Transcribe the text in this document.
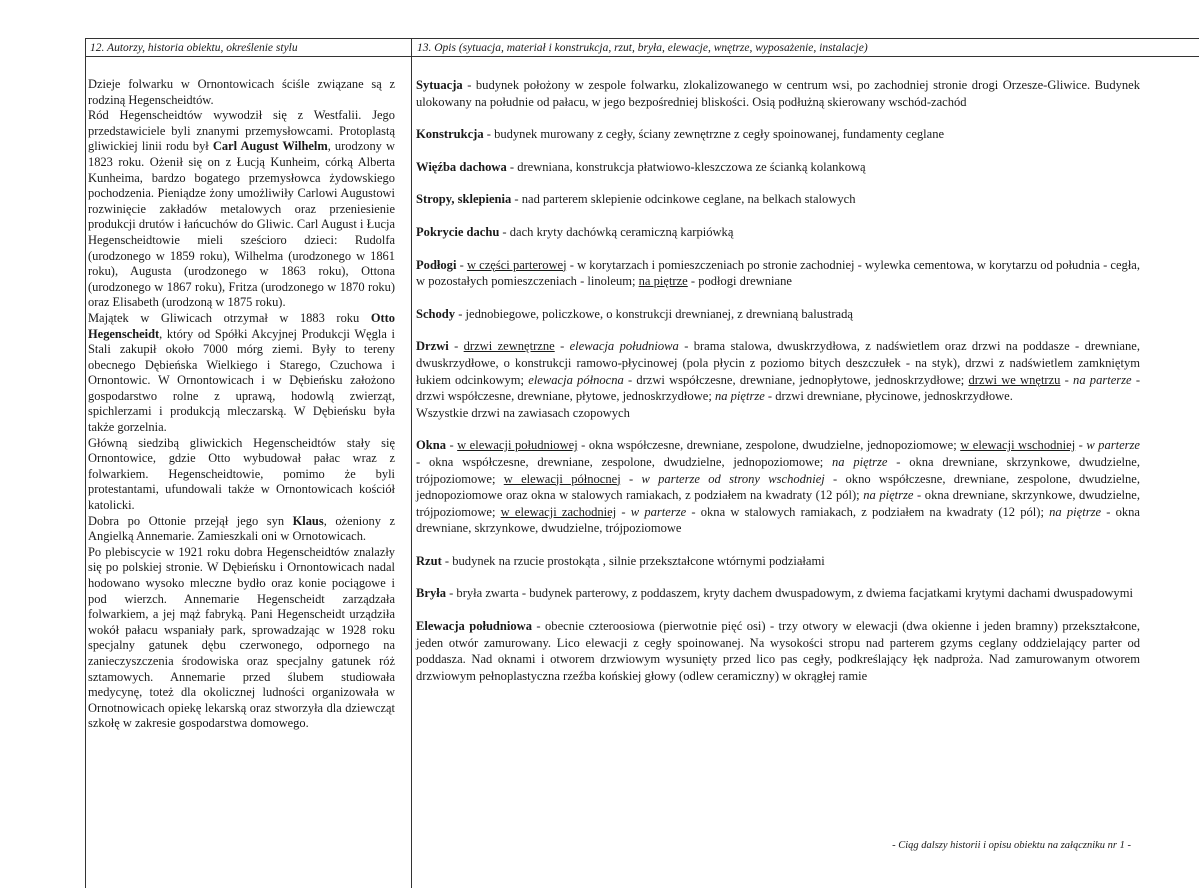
12. Autorzy, historia obiektu, określenie stylu	13. Opis (sytuacja, materiał i konstrukcja, rzut, bryła, elewacje, wnętrze, wyposażenie, instalacje)

Dzieje folwarku w Ornontowicach ściśle związane są z rodziną Hegenscheidtów.

Ród Hegenscheidtów wywodził się z Westfalii. Jego przedstawiciele byli znanymi przemysłowcami. Protoplastą gliwickiej linii rodu był Carl August Wilhelm, urodzony w 1823 roku. Ożenił się on z Łucją Kunheim, córką Alberta Kunheima, bardzo bogatego przemysłowca żydowskiego pochodzenia. Pieniądze żony umożliwiły Carlowi Augustowi rozwinięcie zakładów metalowych oraz przeniesienie produkcji drutów i łańcuchów do Gliwic. Carl August i Łucja Hegenscheidtowie mieli sześcioro dzieci: Rudolfa (urodzonego w 1859 roku), Wilhelma (urodzonego w 1861 roku), Augusta (urodzonego w 1863 roku), Ottona (urodzonego w 1867 roku), Fritza (urodzonego w 1870 roku) oraz Elisabeth (urodzoną w 1875 roku).

Majątek w Gliwicach otrzymał w 1883 roku Otto Hegenscheidt, który od Spółki Akcyjnej Produkcji Węgla i Stali zakupił około 7000 mórg ziemi. Były to tereny obecnego Dębieńska Wielkiego i Starego, Czuchowa i Ornontowic. W Ornontowicach i w Dębieńsku założono gospodarstwo rolne z uprawą, hodowlą zwierząt, spichlerzami i produkcją mleczarską. W Dębieńsku była także gorzelnia.

Główną siedzibą gliwickich Hegenscheidtów stały się Ornontowice, gdzie Otto wybudował pałac wraz z folwarkiem. Hegenscheidtowie, pomimo że byli protestantami, ufundowali także w Ornontowicach kościół katolicki.

Dobra po Ottonie przejął jego syn Klaus, ożeniony z Angielką Annemarie. Zamieszkali oni w Ornotowicach.

Po plebiscycie w 1921 roku dobra Hegenscheidtów znalazły się po polskiej stronie. W Dębieńsku i Ornontowicach nadal hodowano wysoko mleczne bydło oraz konie pociągowe i pod wierzch. Annemarie Hegenscheidt zarządzała folwarkiem, a jej mąż fabryką. Pani Hegenscheidt urządziła wokół pałacu wspaniały park, sprowadzając w 1928 roku specjalny gatunek dębu czerwonego, odpornego na zanieczyszczenia środowiska oraz specjalny gatunek róż sztamowych. Annemarie przed ślubem studiowała medycynę, toteż dla okolicznej ludności organizowała w Ornotnowicach opiekę lekarską oraz stworzyła dla dziewcząt szkołę w zakresie gospodarstwa domowego.

Sytuacja - budynek położony w zespole folwarku, zlokalizowanego w centrum wsi, po zachodniej stronie drogi Orzesze-Gliwice. Budynek ulokowany na południe od pałacu, w jego bezpośredniej bliskości. Osią podłużną skierowany wschód-zachód

Konstrukcja - budynek murowany z cegły, ściany zewnętrzne z cegły spoinowanej, fundamenty ceglane

Więźba dachowa - drewniana, konstrukcja płatwiowo-kleszczowa ze ścianką kolankową

Stropy, sklepienia - nad parterem sklepienie odcinkowe ceglane, na belkach stalowych

Pokrycie dachu - dach kryty dachówką ceramiczną karpiówką

Podłogi - w części parterowej - w korytarzach i pomieszczeniach po stronie zachodniej - wylewka cementowa, w korytarzu od południa - cegła, w pozostałych pomieszczeniach - linoleum; na piętrze - podłogi drewniane

Schody - jednobiegowe, policzkowe, o konstrukcji drewnianej, z drewnianą balustradą

Drzwi - drzwi zewnętrzne - elewacja południowa - brama stalowa, dwuskrzydłowa, z nadświetlem oraz drzwi na poddasze - drewniane, dwuskrzydłowe, o konstrukcji ramowo-płycinowej (pola płycin z poziomo bitych deszczułek - na styk), drzwi z nadświetlem zamkniętym łukiem odcinkowym; elewacja północna - drzwi współczesne, drewniane, jednopłytowe, jednoskrzydłowe; drzwi we wnętrzu - na parterze - drzwi współczesne, drewniane, płytowe, jednoskrzydłowe; na piętrze - drzwi drewniane, płycinowe, jednoskrzydłowe.
Wszystkie drzwi na zawiasach czopowych

Okna - w elewacji południowej - okna współczesne, drewniane, zespolone, dwudzielne, jednopoziomowe; w elewacji wschodniej - w parterze - okna współczesne, drewniane, zespolone, dwudzielne, jednopoziomowe; na piętrze - okna drewniane, skrzynkowe, dwudzielne, trójpoziomowe; w elewacji północnej - w parterze od strony wschodniej - okno współczesne, drewniane, zespolone, dwudzielne, jednopoziomowe oraz okna w stalowych ramiakach, z podziałem na kwadraty (12 pól); na piętrze - okna drewniane, skrzynkowe, dwudzielne, trójpoziomowe; w elewacji zachodniej - w parterze - okna w stalowych ramiakach, z podziałem na kwadraty (12 pól); na piętrze - okna drewniane, skrzynkowe, dwudzielne, trójpoziomowe

Rzut - budynek na rzucie prostokąta , silnie przekształcone wtórnymi podziałami

Bryła - bryła zwarta - budynek parterowy, z poddaszem, kryty dachem dwuspadowym, z dwiema facjatkami krytymi dachami dwuspadowymi

Elewacja południowa - obecnie czteroosiowa (pierwotnie pięć osi) - trzy otwory w elewacji (dwa okienne i jeden bramny) przekształcone, jeden otwór zamurowany. Lico elewacji z cegły spoinowanej. Na wysokości stropu nad parterem gzyms ceglany oddzielający parter od poddasza. Nad oknami i otworem drzwiowym wysunięty przed lico pas cegły, podkreślający łęk nadproża. Nad zamurowanym otworem drzwiowym pełnoplastyczna rzeźba końskiej głowy (odlew ceramiczny) w okrągłej ramie

- Ciąg dalszy historii i opisu obiektu na załączniku nr 1 -
